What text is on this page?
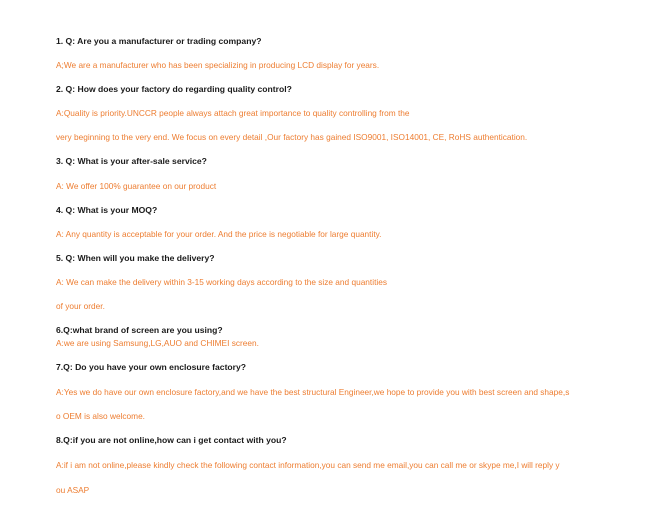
1. Q: Are you a manufacturer or trading company?
A;We are a manufacturer who has been specializing in producing LCD display for years.
2. Q: How does your factory do regarding quality control?
A:Quality is priority.UNCCR people always attach great importance to quality controlling from the
very beginning to the very end. We focus on every detail ,Our factory has gained ISO9001, ISO14001, CE, RoHS authentication.
3. Q: What is your after-sale service?
A: We offer 100% guarantee on our product
4. Q: What is your MOQ?
A: Any quantity is acceptable for your order. And the price is negotiable for large quantity.
5. Q: When will you make the delivery?
A: We can make the delivery within 3-15 working days according to the size and quantities
of your order.
6.Q:what brand of screen are you using?
A:we are using Samsung,LG,AUO and CHIMEI screen.
7.Q: Do you have your own enclosure factory?
A:Yes we do have our own enclosure factory,and we have the best structural Engineer,we hope to provide you with best screen and shape,s
o OEM is also welcome.
8.Q:if you are not online,how can i get contact with you?
A:if i am not online,please kindly check the following contact information,you can send me email,you can call me or skype me,I will reply y
ou ASAP
